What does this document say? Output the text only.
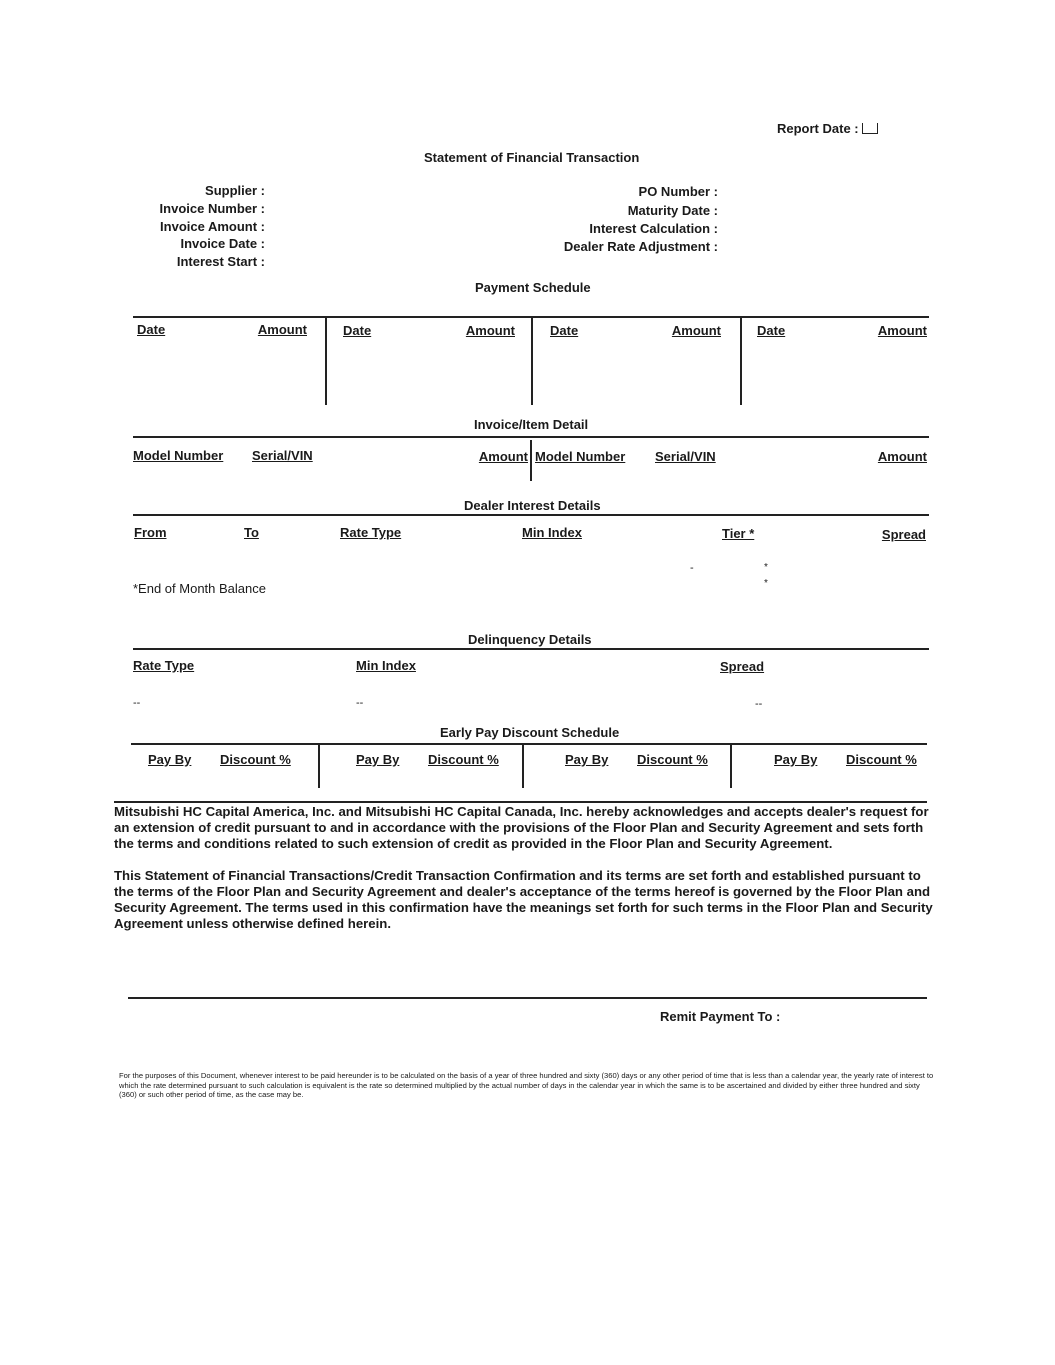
Report Date :
Statement of Financial Transaction
Supplier :
Invoice Number :
Invoice Amount :
Invoice Date :
Interest Start :
PO Number :
Maturity Date :
Interest Calculation :
Dealer Rate Adjustment :
Payment Schedule
Date	Amount	Date	Amount	Date	Amount	Date	Amount
Invoice/Item Detail
Model Number Serial/VIN	Amount Model Number Serial/VIN	Amount
Dealer Interest Details
From	To	Rate Type	Min Index	Tier *	Spread
-	*
*
*End of Month Balance
Delinquency Details
Rate Type	Min Index	Spread
--	--	--
Early Pay Discount Schedule
Pay By Discount %	Pay By Discount %	Pay By Discount %	Pay By Discount %
Mitsubishi HC Capital America, Inc. and Mitsubishi HC Capital Canada, Inc. hereby acknowledges and accepts dealer's request for an extension of credit pursuant to and in accordance with the provisions of the Floor Plan and Security Agreement and sets forth the terms and conditions related to such extension of credit as provided in the Floor Plan and Security Agreement.
This Statement of Financial Transactions/Credit Transaction Confirmation and its terms are set forth and established pursuant to the terms of the Floor Plan and Security Agreement and dealer's acceptance of the terms hereof is governed by the Floor Plan and Security Agreement. The terms used in this confirmation have the meanings set forth for such terms in the Floor Plan and Security Agreement unless otherwise defined herein.
Remit Payment To :
For the purposes of this Document, whenever interest to be paid hereunder is to be calculated on the basis of a year of three hundred and sixty (360) days or any other period of time that is less than a calendar year, the yearly rate of interest to which the rate determined pursuant to such calculation is equivalent is the rate so determined multiplied by the actual number of days in the calendar year in which the same is to be ascertained and divided by either three hundred and sixty (360) or such other period of time, as the case may be.
